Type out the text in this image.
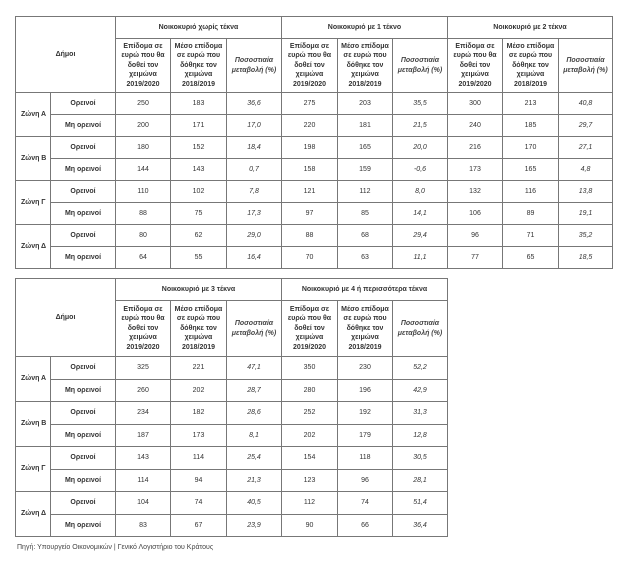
Δήμοι		Νοικοκυριό χωρίς τέκνα			Νοικοκυριό με 1 τέκνο			Νοικοκυριό με 2 τέκνα		
		Επίδομα σε ευρώ που θα δοθεί τον χειμώνα 2019/2020	Μέσο επίδομα σε ευρώ που δόθηκε τον χειμώνα 2018/2019	Ποσοστιαία μεταβολή (%)	Επίδομα σε ευρώ που θα δοθεί τον χειμώνα 2019/2020	Μέσο επίδομα σε ευρώ που δόθηκε τον χειμώνα 2018/2019	Ποσοστιαία μεταβολή (%)	Επίδομα σε ευρώ που θα δοθεί τον χειμώνα 2019/2020	Μέσο επίδομα σε ευρώ που δόθηκε τον χειμώνα 2018/2019	Ποσοστιαία μεταβολή (%)
Ζώνη Α	Ορεινοί	250	183	36,6	275	203	35,5	300	213	40,8
	Μη ορεινοί	200	171	17,0	220	181	21,5	240	185	29,7
Ζώνη Β	Ορεινοί	180	152	18,4	198	165	20,0	216	170	27,1
	Μη ορεινοί	144	143	0,7	158	159	-0,6	173	165	4,8
Ζώνη Γ	Ορεινοί	110	102	7,8	121	112	8,0	132	116	13,8
	Μη ορεινοί	88	75	17,3	97	85	14,1	106	89	19,1
Ζώνη Δ	Ορεινοί	80	62	29,0	88	68	29,4	96	71	35,2
	Μη ορεινοί	64	55	16,4	70	63	11,1	77	65	18,5
Δήμοι		Νοικοκυριό με 3 τέκνα			Νοικοκυριό με 4 ή περισσότερα τέκνα		
		Επίδομα σε ευρώ που θα δοθεί τον χειμώνα 2019/2020	Μέσο επίδομα σε ευρώ που δόθηκε τον χειμώνα 2018/2019	Ποσοστιαία μεταβολή (%)	Επίδομα σε ευρώ που θα δοθεί τον χειμώνα 2019/2020	Μέσο επίδομα σε ευρώ που δόθηκε τον χειμώνα 2018/2019	Ποσοστιαία μεταβολή (%)
Ζώνη Α	Ορεινοί	325	221	47,1	350	230	52,2
	Μη ορεινοί	260	202	28,7	280	196	42,9
Ζώνη Β	Ορεινοί	234	182	28,6	252	192	31,3
	Μη ορεινοί	187	173	8,1	202	179	12,8
Ζώνη Γ	Ορεινοί	143	114	25,4	154	118	30,5
	Μη ορεινοί	114	94	21,3	123	96	28,1
Ζώνη Δ	Ορεινοί	104	74	40,5	112	74	51,4
	Μη ορεινοί	83	67	23,9	90	66	36,4
Πηγή: Υπουργείο Οικονομικών | Γενικό Λογιστήριο του Κράτους
